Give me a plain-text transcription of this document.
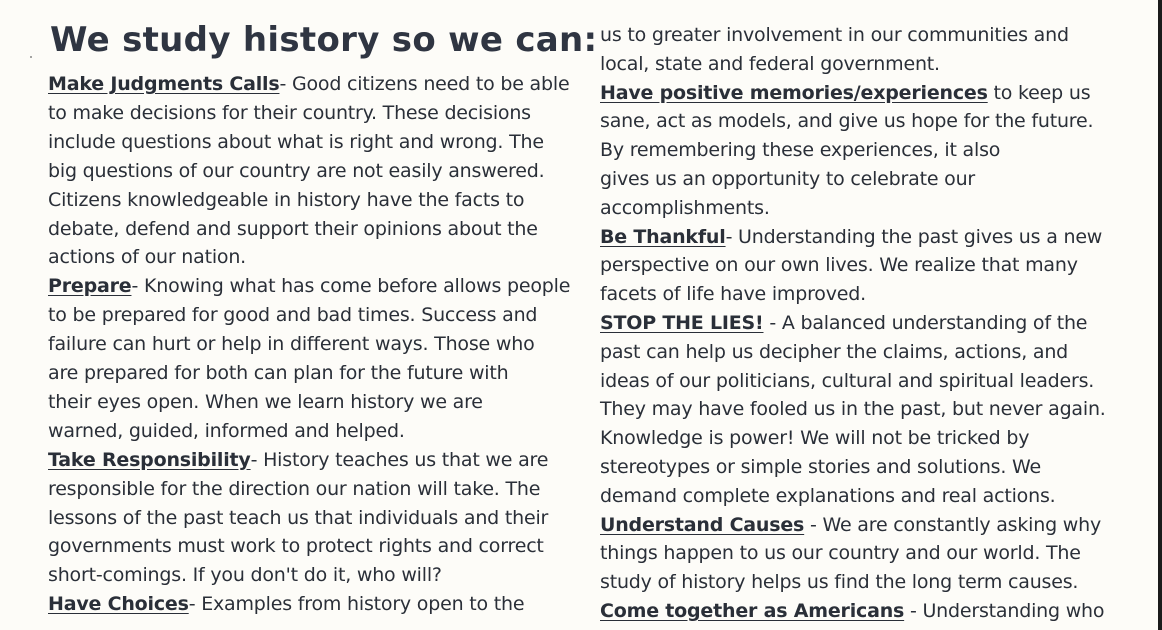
We study history so we can:
Make Judgments Calls- Good citizens need to be able
to make decisions for their country. These decisions
include questions about what is right and wrong. The
big questions of our country are not easily answered.
Citizens knowledgeable in history have the facts to
debate, defend and support their opinions about the
actions of our nation.
Prepare- Knowing what has come before allows people
to be prepared for good and bad times. Success and
failure can hurt or help in different ways. Those who
are prepared for both can plan for the future with
their eyes open. When we learn history we are
warned, guided, informed and helped.
Take Responsibility- History teaches us that we are
responsible for the direction our nation will take. The
lessons of the past teach us that individuals and their
governments must work to protect rights and correct
short-comings. If you don't do it, who will?
Have Choices- Examples from history open to the
us to greater involvement in our communities and
local, state and federal government.
Have positive memories/experiences to keep us
sane, act as models, and give us hope for the future.
By remembering these experiences, it also
gives us an opportunity to celebrate our
accomplishments.
Be Thankful- Understanding the past gives us a new
perspective on our own lives. We realize that many
facets of life have improved.
STOP THE LIES! - A balanced understanding of the
past can help us decipher the claims, actions, and
ideas of our politicians, cultural and spiritual leaders.
They may have fooled us in the past, but never again.
Knowledge is power! We will not be tricked by
stereotypes or simple stories and solutions. We
demand complete explanations and real actions.
Understand Causes - We are constantly asking why
things happen to us our country and our world. The
study of history helps us find the long term causes.
Come together as Americans - Understanding who
